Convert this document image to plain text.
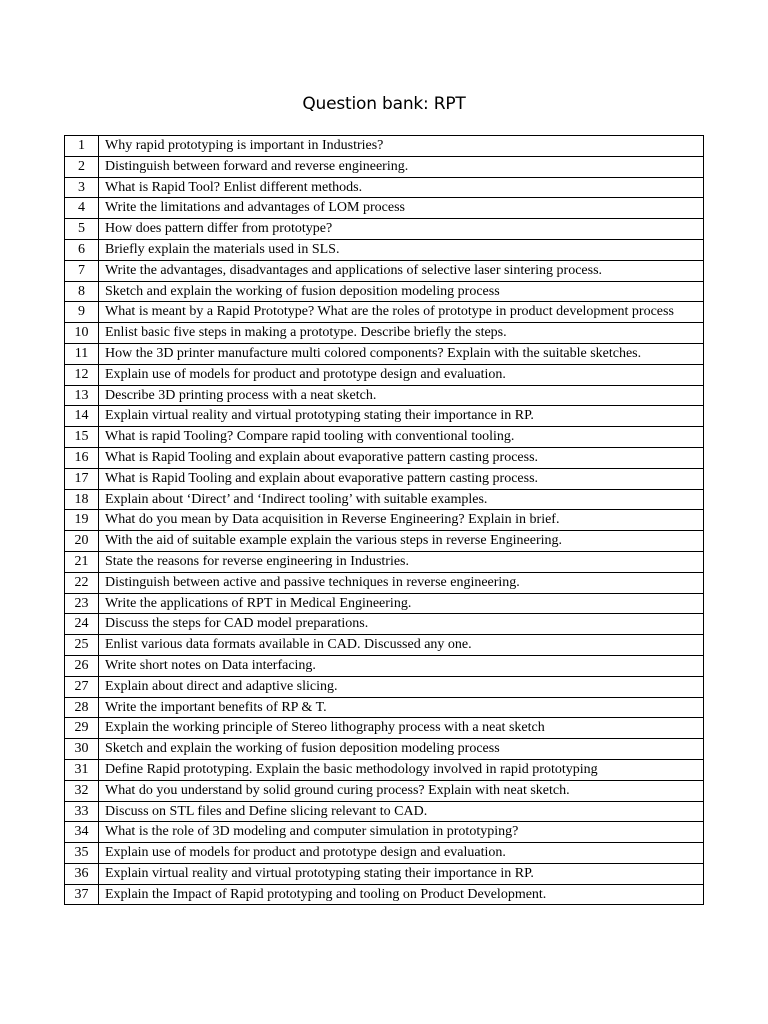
Question bank: RPT
1	Why rapid prototyping is important in Industries?
2	Distinguish between forward and reverse engineering.
3	What is Rapid Tool? Enlist different methods.
4	Write the limitations and advantages of LOM process
5	How does pattern differ from prototype?
6	Briefly explain the materials used in SLS.
7	Write the advantages, disadvantages and applications of selective laser sintering process.
8	Sketch and explain the working of fusion deposition modeling process
9	What is meant by a Rapid Prototype? What are the roles of prototype in product development process
10	Enlist basic five steps in making a prototype. Describe briefly the steps.
11	How the 3D printer manufacture multi colored components? Explain with the suitable sketches.
12	Explain use of models for product and prototype design and evaluation.
13	Describe 3D printing process with a neat sketch.
14	Explain virtual reality and virtual prototyping stating their importance in RP.
15	What is rapid Tooling? Compare rapid tooling with conventional tooling.
16	What is Rapid Tooling and explain about evaporative pattern casting process.
17	What is Rapid Tooling and explain about evaporative pattern casting process.
18	Explain about ‘Direct’ and ‘Indirect tooling’ with suitable examples.
19	What do you mean by Data acquisition in Reverse Engineering? Explain in brief.
20	With the aid of suitable example explain the various steps in reverse Engineering.
21	State the reasons for reverse engineering in Industries.
22	Distinguish between active and passive techniques in reverse engineering.
23	Write the applications of RPT in Medical Engineering.
24	Discuss the steps for CAD model preparations.
25	Enlist various data formats available in CAD. Discussed any one.
26	Write short notes on Data interfacing.
27	Explain about direct and adaptive slicing.
28	Write the important benefits of RP & T.
29	Explain the working principle of Stereo lithography process with a neat sketch
30	Sketch and explain the working of fusion deposition modeling process
31	Define Rapid prototyping. Explain the basic methodology involved in rapid prototyping
32	What do you understand by solid ground curing process? Explain with neat sketch.
33	Discuss on STL files and Define slicing relevant to CAD.
34	What is the role of 3D modeling and computer simulation in prototyping?
35	Explain use of models for product and prototype design and evaluation.
36	Explain virtual reality and virtual prototyping stating their importance in RP.
37	Explain the Impact of Rapid prototyping and tooling on Product Development.
